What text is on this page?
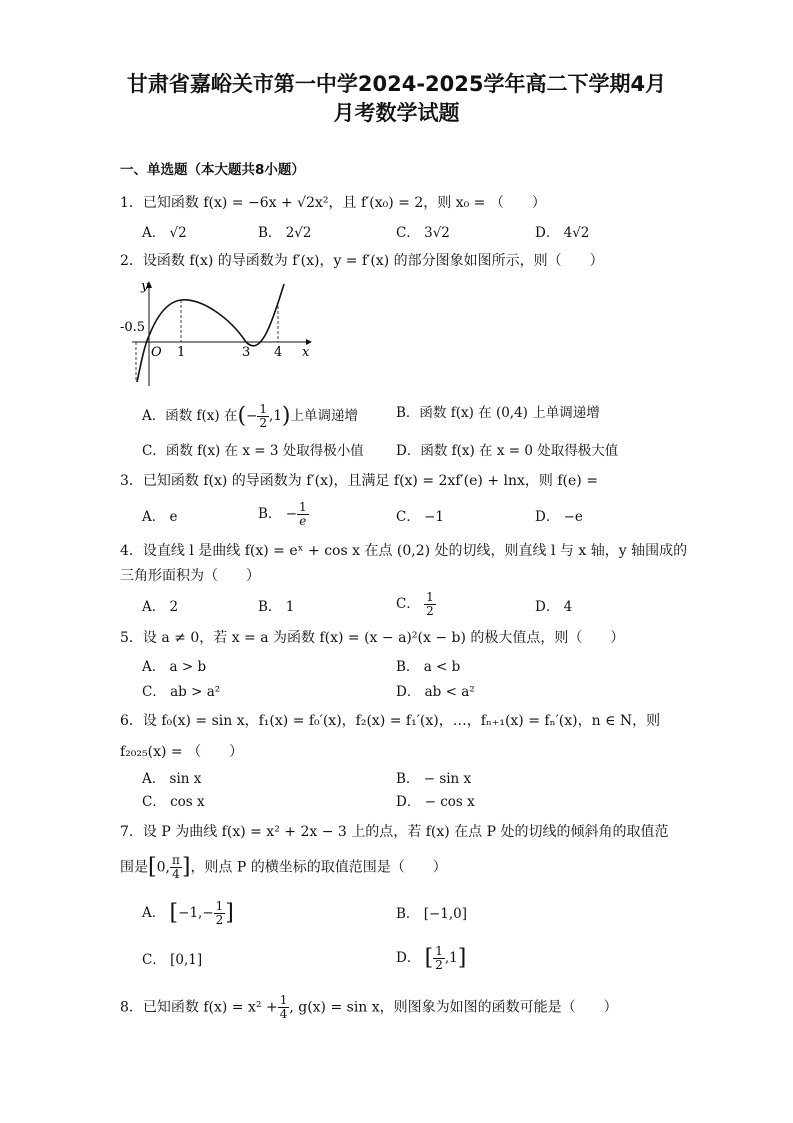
甘肃省嘉峪关市第一中学2024-2025学年高二下学期4月
月考数学试题
一、单选题（本大题共8小题）
1．已知函数 f(x) = −6x + √2x²，且 f′(x₀) = 2，则 x₀ = （　　）
A． √2	B． 2√2	C． 3√2	D． 4√2
2．设函数 f(x) 的导函数为 f′(x)，y = f′(x) 的部分图象如图所示，则（　　）
y
x
O
-0.5
1	3 4
A．函数 f(x) 在(− $\frac{1}{2} ,1$)上单调递增	B．函数 f(x) 在 (0,4) 上单调递增
C．函数 f(x) 在 x = 3 处取得极小值 D．函数 f(x) 在 x = 0 处取得极大值
3．已知函数 f(x) 的导函数为 f′(x)，且满足 f(x) = 2xf′(e) + lnx，则 f(e) =
A． e	B． − $\frac{1}{e}$	C． −1	D． −e
4．设直线 l 是曲线 f(x) = eˣ + cos x 在点 (0,2) 处的切线，则直线 l 与 x 轴，y 轴围成的
三角形面积为（　　）
A． 2	B． 1	C． $\frac{1}{2}$	D． 4
5．设 a ≠ 0，若 x = a 为函数 f(x) = (x − a)²(x − b) 的极大值点，则（　　）
A． a > b	B． a < b
C． ab > a²	D． ab < a²
6．设 f₀(x) = sin x，f₁(x) = f₀′(x)，f₂(x) = f₁′(x)，…，fₙ₊₁(x) = fₙ′(x)，n ∈ N，则
f₂₀₂₅(x) = （　　）
A． sin x	B． − sin x
C． cos x	D． − cos x
7．设 P 为曲线 f(x) = x² + 2x − 3 上的点，若 f(x) 在点 P 处的切线的倾斜角的取值范
围是[0, $\frac{\pi}{4}$ ]，则点 P 的横坐标的取值范围是（　　）
A． [$-1,- \frac{1}{2}$ ]	B． [−1,0]
C． [0,1]	D． [ $\frac{1}{2} ,1$]
8．已知函数 $f(x) = x^2 + \frac{1}{4}$ , g(x) = sin x，则图象为如图的函数可能是（　　）
